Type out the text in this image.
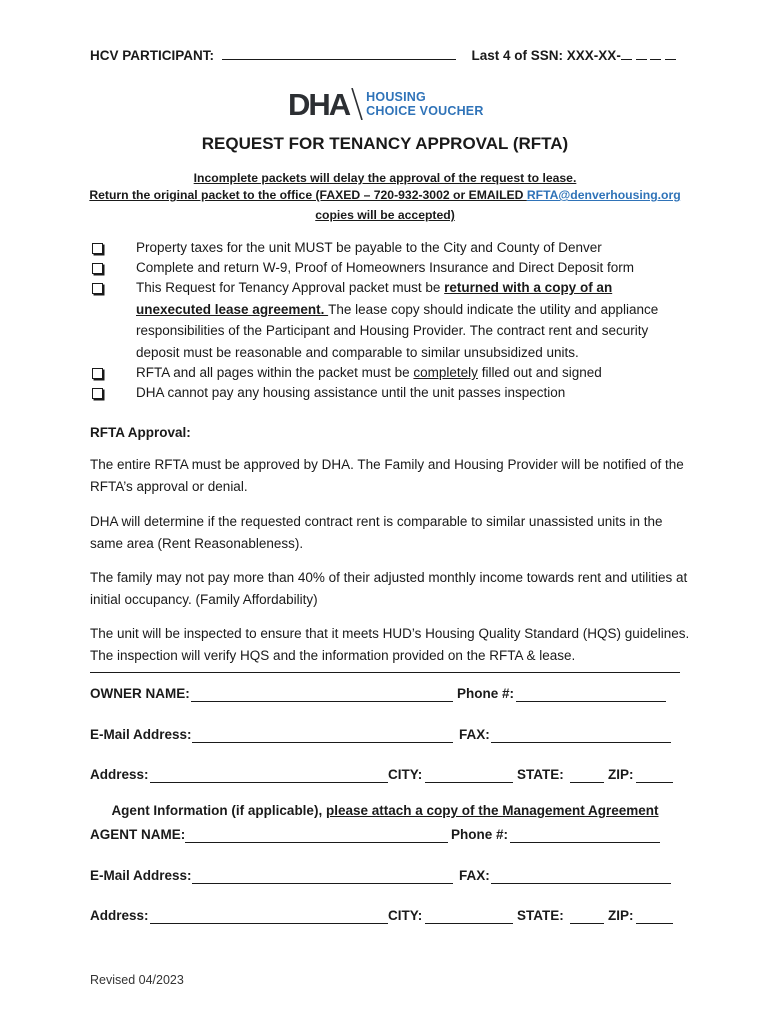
HCV PARTICIPANT:	Last 4 of SSN: XXX-XX-
DHA HOUSING
CHOICE VOUCHER
REQUEST FOR TENANCY APPROVAL (RFTA)
Incomplete packets will delay the approval of the request to lease.
Return the original packet to the office (FAXED – 720-932-3002 or EMAILED RFTA@denverhousing.org
copies will be accepted)
Property taxes for the unit MUST be payable to the City and County of Denver
Complete and return W-9, Proof of Homeowners Insurance and Direct Deposit form
This Request for Tenancy Approval packet must be returned with a copy of an
unexecuted lease agreement. The lease copy should indicate the utility and appliance
responsibilities of the Participant and Housing Provider. The contract rent and security
deposit must be reasonable and comparable to similar unsubsidized units.
RFTA and all pages within the packet must be completely filled out and signed
DHA cannot pay any housing assistance until the unit passes inspection
RFTA Approval:
The entire RFTA must be approved by DHA. The Family and Housing Provider will be notified of the RFTA’s approval or denial.
DHA will determine if the requested contract rent is comparable to similar unassisted units in the same area (Rent Reasonableness).
The family may not pay more than 40% of their adjusted monthly income towards rent and utilities at initial occupancy. (Family Affordability)
The unit will be inspected to ensure that it meets HUD’s Housing Quality Standard (HQS) guidelines. The inspection will verify HQS and the information provided on the RFTA & lease.
OWNER NAME:	Phone #:
E-Mail Address:	FAX:
Address:	CITY:	STATE:	ZIP:
Agent Information (if applicable), please attach a copy of the Management Agreement
AGENT NAME:	Phone #:
E-Mail Address:	FAX:
Address:	CITY:	STATE:	ZIP:
Revised 04/2023
